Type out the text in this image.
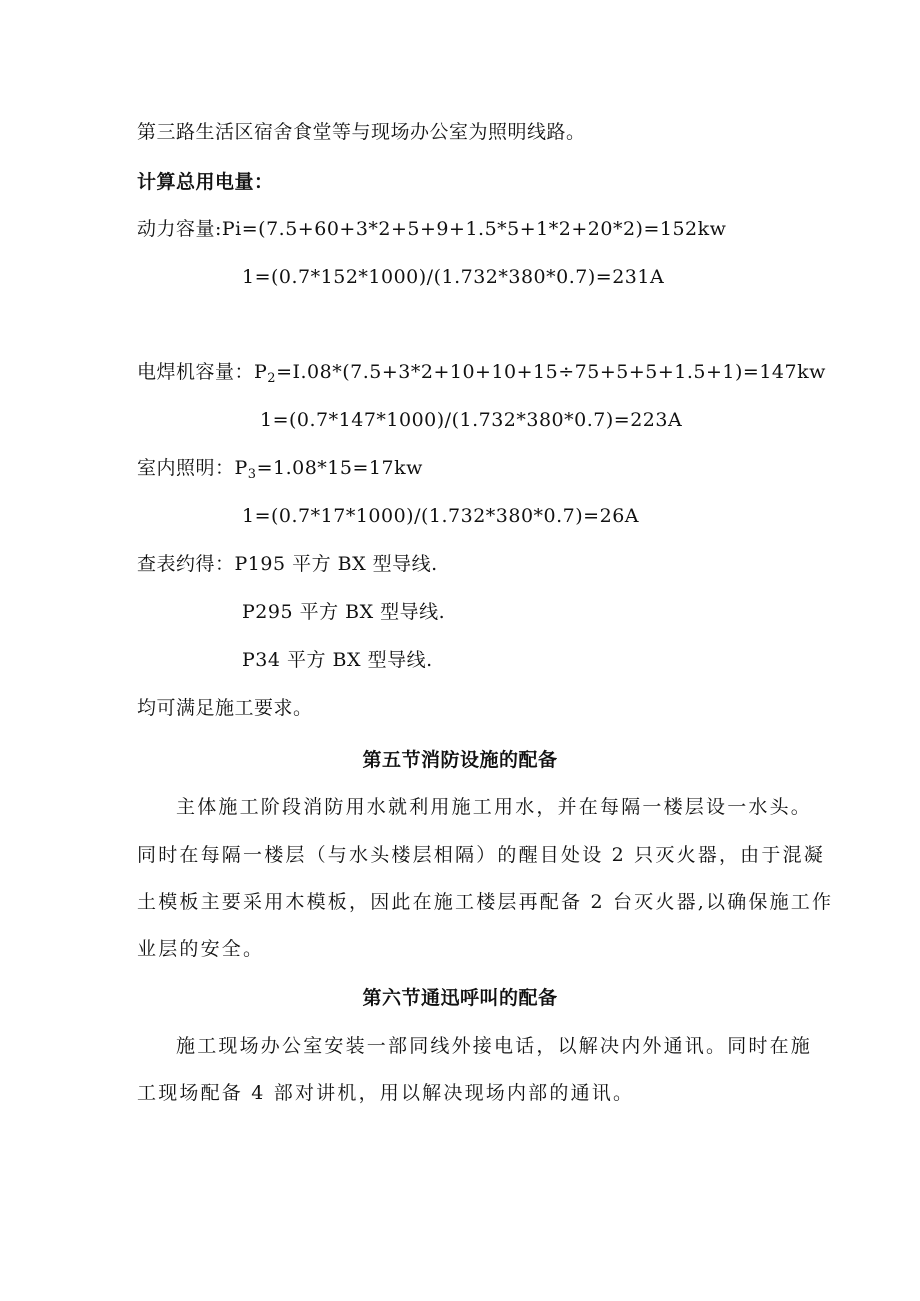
第三路生活区宿舍食堂等与现场办公室为照明线路。
计算总用电量：
动力容量:Pi=(7.5+60+3*2+5+9+1.5*5+1*2+20*2)=152kw
1=(0.7*152*1000)/(1.732*380*0.7)=231A
电焊机容量：$P_2=I.08*(7.5+3*2+10+10+15\div 75+5+5+1.5+1)=147kw$
1=(0.7*147*1000)/(1.732*380*0.7)=223A
室内照明：$P_3=1.08*15=17kw$
1=(0.7*17*1000)/(1.732*380*0.7)=26A
查表约得：P195 平方 BX 型导线.
P295 平方 BX 型导线.
P34 平方 BX 型导线.
均可满足施工要求。
第五节消防设施的配备
主体施工阶段消防用水就利用施工用水，并在每隔一楼层设一水头。
同时在每隔一楼层（与水头楼层相隔）的醒目处设 2 只灭火器，由于混凝
土模板主要采用木模板，因此在施工楼层再配备 2 台灭火器,以确保施工作
业层的安全。
第六节通迅呼叫的配备
施工现场办公室安装一部同线外接电话，以解决内外通讯。同时在施
工现场配备 4 部对讲机，用以解决现场内部的通讯。
